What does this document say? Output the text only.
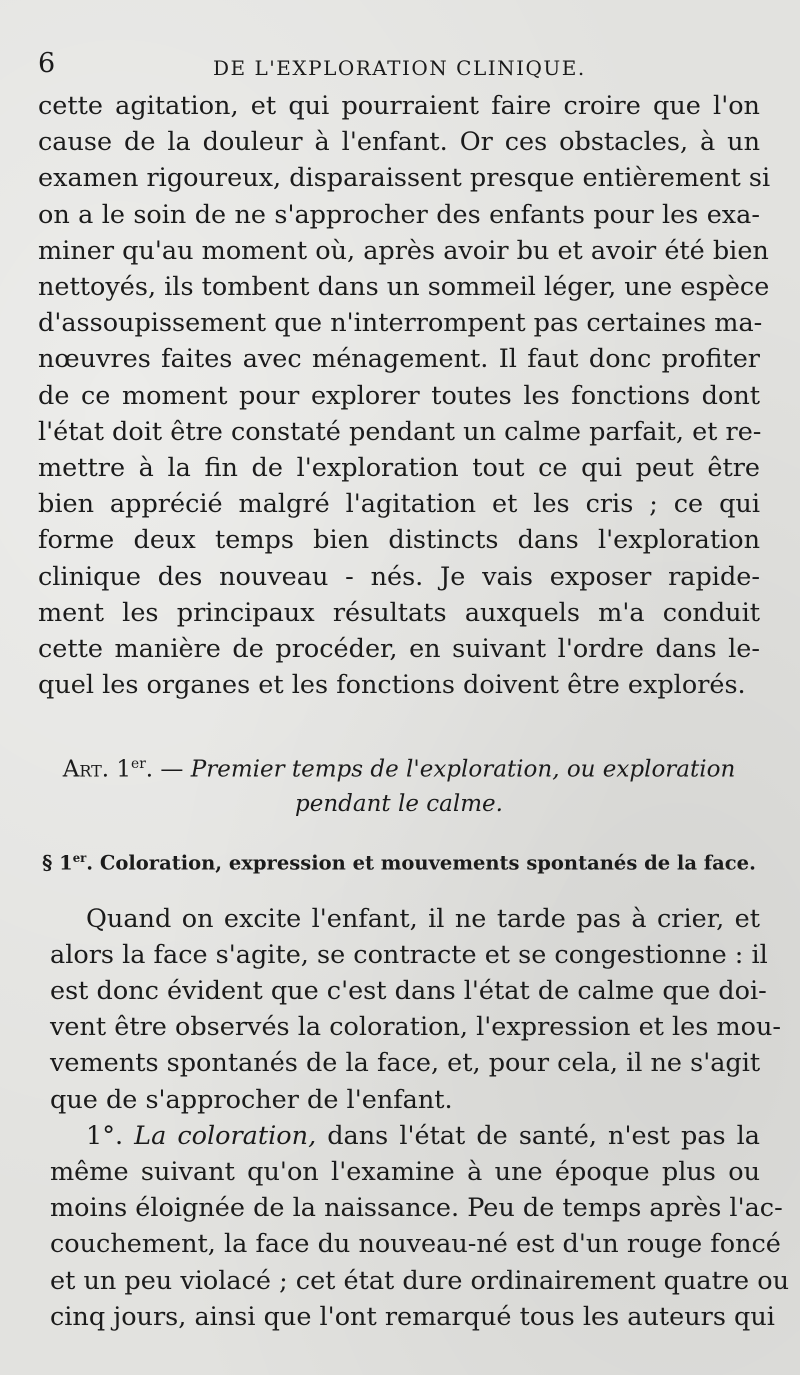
6	DE L'EXPLORATION CLINIQUE.

cette agitation, et qui pourraient faire croire que l'on
cause de la douleur à l'enfant. Or ces obstacles, à un
examen rigoureux, disparaissent presque entièrement si
on a le soin de ne s'approcher des enfants pour les exa-
miner qu'au moment où, après avoir bu et avoir été bien
nettoyés, ils tombent dans un sommeil léger, une espèce
d'assoupissement que n'interrompent pas certaines ma-
nœuvres faites avec ménagement. Il faut donc profiter
de ce moment pour explorer toutes les fonctions dont
l'état doit être constaté pendant un calme parfait, et re-
mettre à la fin de l'exploration tout ce qui peut être
bien apprécié malgré l'agitation et les cris ; ce qui
forme deux temps bien distincts dans l'exploration
clinique des nouveau - nés. Je vais exposer rapide-
ment les principaux résultats auxquels m'a conduit
cette manière de procéder, en suivant l'ordre dans le-
quel les organes et les fonctions doivent être explorés.

Art. 1er. — Premier temps de l'exploration, ou exploration
pendant le calme.
§ 1er. Coloration, expression et mouvements spontanés de la face.

Quand on excite l'enfant, il ne tarde pas à crier, et
alors la face s'agite, se contracte et se congestionne : il
est donc évident que c'est dans l'état de calme que doi-
vent être observés la coloration, l'expression et les mou-
vements spontanés de la face, et, pour cela, il ne s'agit
que de s'approcher de l'enfant.

1°. La coloration, dans l'état de santé, n'est pas la
même suivant qu'on l'examine à une époque plus ou
moins éloignée de la naissance. Peu de temps après l'ac-
couchement, la face du nouveau-né est d'un rouge foncé
et un peu violacé ; cet état dure ordinairement quatre ou
cinq jours, ainsi que l'ont remarqué tous les auteurs qui
